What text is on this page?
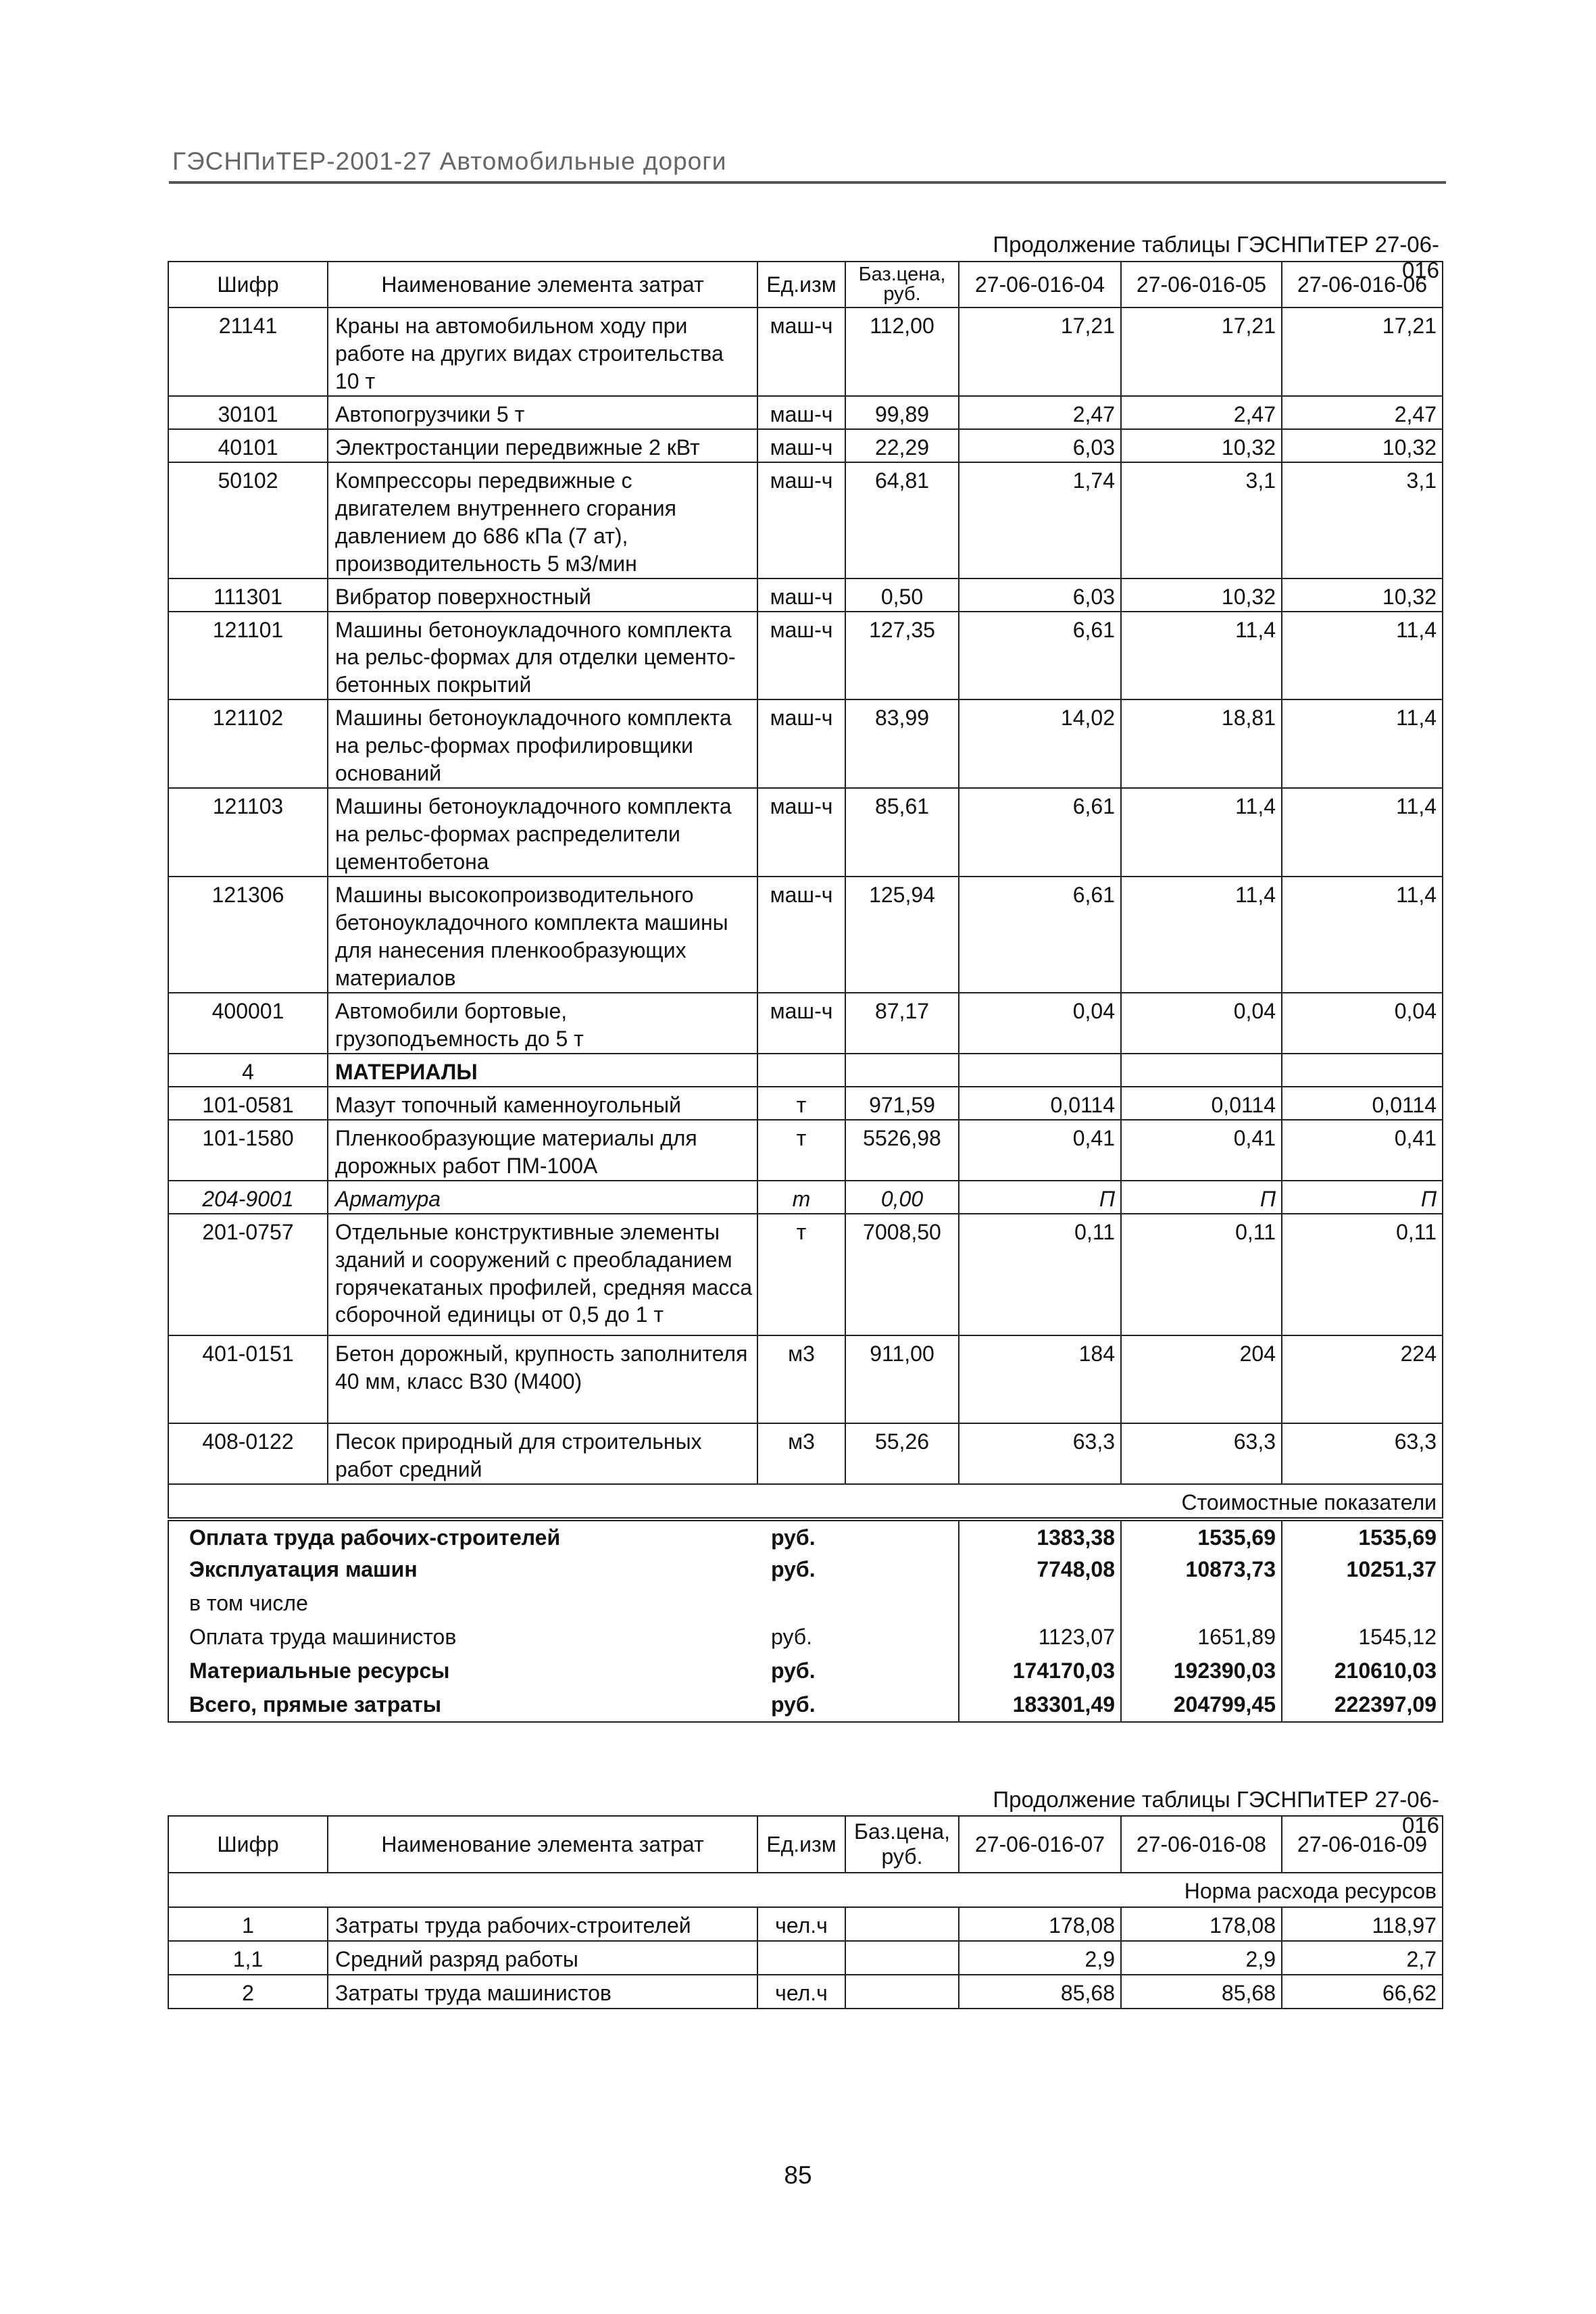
ГЭСНПиТЕР-2001-27 Автомобильные дороги
Продолжение таблицы ГЭСНПиТЕР 27-06-016
Шифр	Наименование элемента затрат	Ед.изм	Баз.цена, руб.	27-06-016-04	27-06-016-05	27-06-016-06
21141	Краны на автомобильном ходу при работе на других видах строительства 10 т	маш-ч	112,00	17,21	17,21	17,21
30101	Автопогрузчики 5 т	маш-ч	99,89	2,47	2,47	2,47
40101	Электростанции передвижные 2 кВт	маш-ч	22,29	6,03	10,32	10,32
50102	Компрессоры передвижные с двигателем внутреннего сгорания давлением до 686 кПа (7 ат), производительность 5 м3/мин	маш-ч	64,81	1,74	3,1	3,1
111301	Вибратор поверхностный	маш-ч	0,50	6,03	10,32	10,32
121101	Машины бетоноукладочного комплекта на рельс-формах для отделки цементо-бетонных покрытий	маш-ч	127,35	6,61	11,4	11,4
121102	Машины бетоноукладочного комплекта на рельс-формах профилировщики оснований	маш-ч	83,99	14,02	18,81	11,4
121103	Машины бетоноукладочного комплекта на рельс-формах распределители цементобетона	маш-ч	85,61	6,61	11,4	11,4
121306	Машины высокопроизводительного бетоноукладочного комплекта машины для нанесения пленкообразующих материалов	маш-ч	125,94	6,61	11,4	11,4
400001	Автомобили бортовые, грузоподъемность до 5 т	маш-ч	87,17	0,04	0,04	0,04
4	МАТЕРИАЛЫ					
101-0581	Мазут топочный каменноугольный	т	971,59	0,0114	0,0114	0,0114
101-1580	Пленкообразующие материалы для дорожных работ ПМ-100А	т	5526,98	0,41	0,41	0,41
204-9001	Арматура	т	0,00	П	П	П
201-0757	Отдельные конструктивные элементы зданий и сооружений с преобладанием горячекатаных профилей, средняя масса сборочной единицы от 0,5 до 1 т	т	7008,50	0,11	0,11	0,11
401-0151	Бетон дорожный, крупность заполнителя 40 мм, класс В30 (М400)	м3	911,00	184	204	224
408-0122	Песок природный для строительных работ средний	м3	55,26	63,3	63,3	63,3
Стоимостные показатели						
Оплата труда рабочих-строителей		руб.		1383,38	1535,69	1535,69
Эксплуатация машин		руб.		7748,08	10873,73	10251,37
в том числе						
Оплата труда машинистов		руб.		1123,07	1651,89	1545,12
Материальные ресурсы		руб.		174170,03	192390,03	210610,03
Всего, прямые затраты		руб.		183301,49	204799,45	222397,09
Продолжение таблицы ГЭСНПиТЕР 27-06-016
Шифр	Наименование элемента затрат	Ед.изм	Баз.цена, руб.	27-06-016-07	27-06-016-08	27-06-016-09
Норма расхода ресурсов						
1	Затраты труда рабочих-строителей	чел.ч		178,08	178,08	118,97
1,1	Средний разряд работы			2,9	2,9	2,7
2	Затраты труда машинистов	чел.ч		85,68	85,68	66,62
85
